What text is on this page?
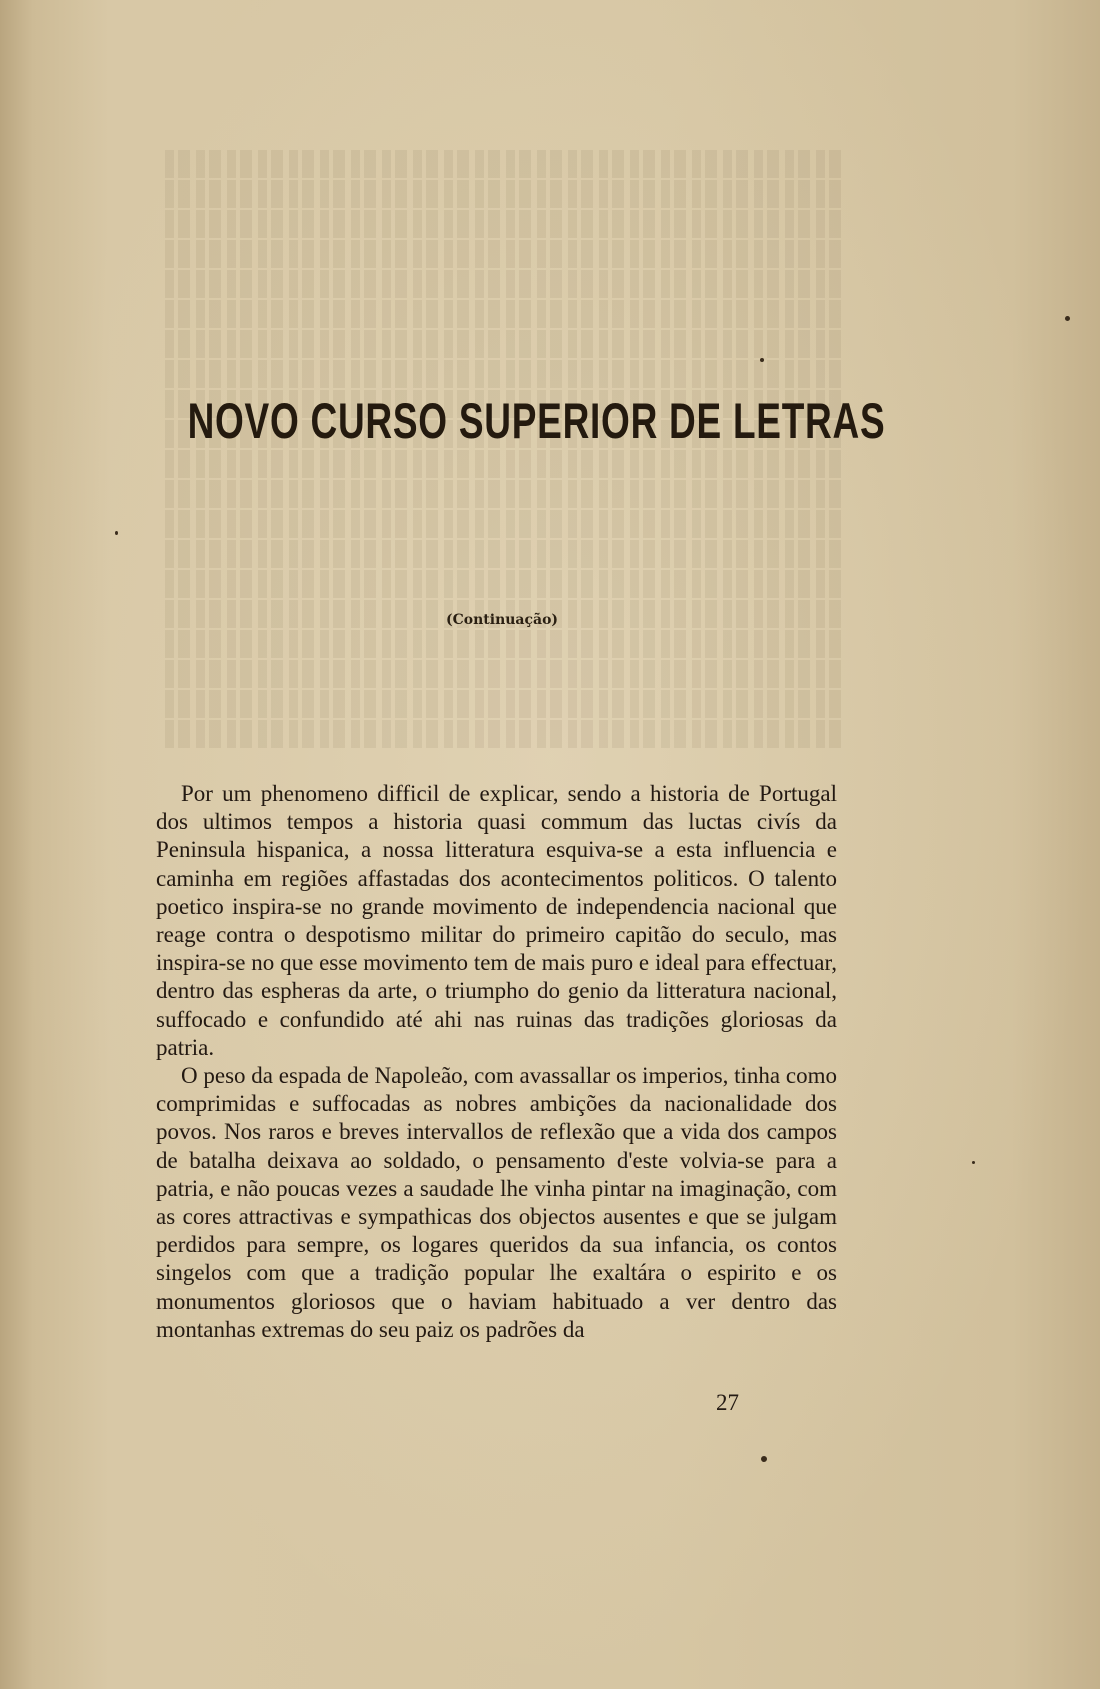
NOVO CURSO SUPERIOR DE LETRAS
(Continuação)

Por um phenomeno difficil de explicar, sendo a historia de Portugal dos ultimos tempos a historia quasi commum das luctas civís da Peninsula hispanica, a nossa litteratura esquiva-se a esta influencia e caminha em regiões affastadas dos acontecimentos politicos. O talento poetico inspira-se no grande movimento de independencia nacional que reage contra o despotismo militar do primeiro capitão do seculo, mas inspira-se no que esse movimento tem de mais puro e ideal para effectuar, dentro das espheras da arte, o triumpho do genio da litteratura nacional, suffocado e confundido até ahi nas ruinas das tradições gloriosas da patria.

O peso da espada de Napoleão, com avassallar os imperios, tinha como comprimidas e suffocadas as nobres ambições da nacionalidade dos povos. Nos raros e breves intervallos de reflexão que a vida dos campos de batalha deixava ao soldado, o pensamento d'este volvia-se para a patria, e não poucas vezes a saudade lhe vinha pintar na imaginação, com as cores attractivas e sympathicas dos objectos ausentes e que se julgam perdidos para sempre, os logares queridos da sua infancia, os contos singelos com que a tradição popular lhe exaltára o espirito e os monumentos gloriosos que o haviam habituado a ver dentro das montanhas extremas do seu paiz os padrões da

27
